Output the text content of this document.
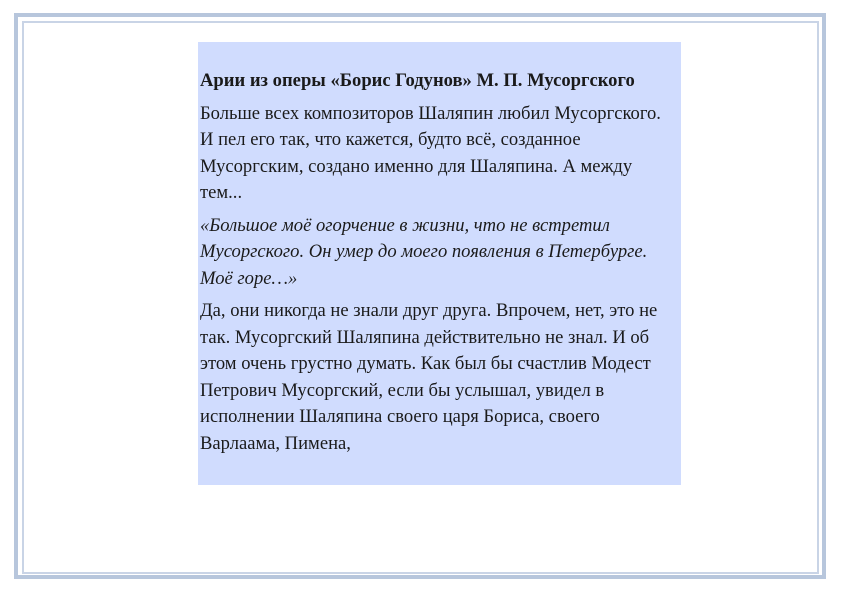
Арии из оперы «Борис Годунов» М. П. Мусоргского

Больше всех композиторов Шаляпин любил Мусоргского. И пел его так, что кажется, будто всё, созданное Мусоргским, создано именно для Шаляпина. А между тем...

«Большое моё огорчение в жизни, что не встретил Мусоргского. Он умер до моего появления в Петербурге. Моё горе…»

Да, они никогда не знали друг друга. Впрочем, нет, это не так. Мусоргский Шаляпина действительно не знал. И об этом очень грустно думать. Как был бы счастлив Модест Петрович Мусоргский, если бы услышал, увидел в исполнении Шаляпина своего царя Бориса, своего Варлаама, Пимена,
